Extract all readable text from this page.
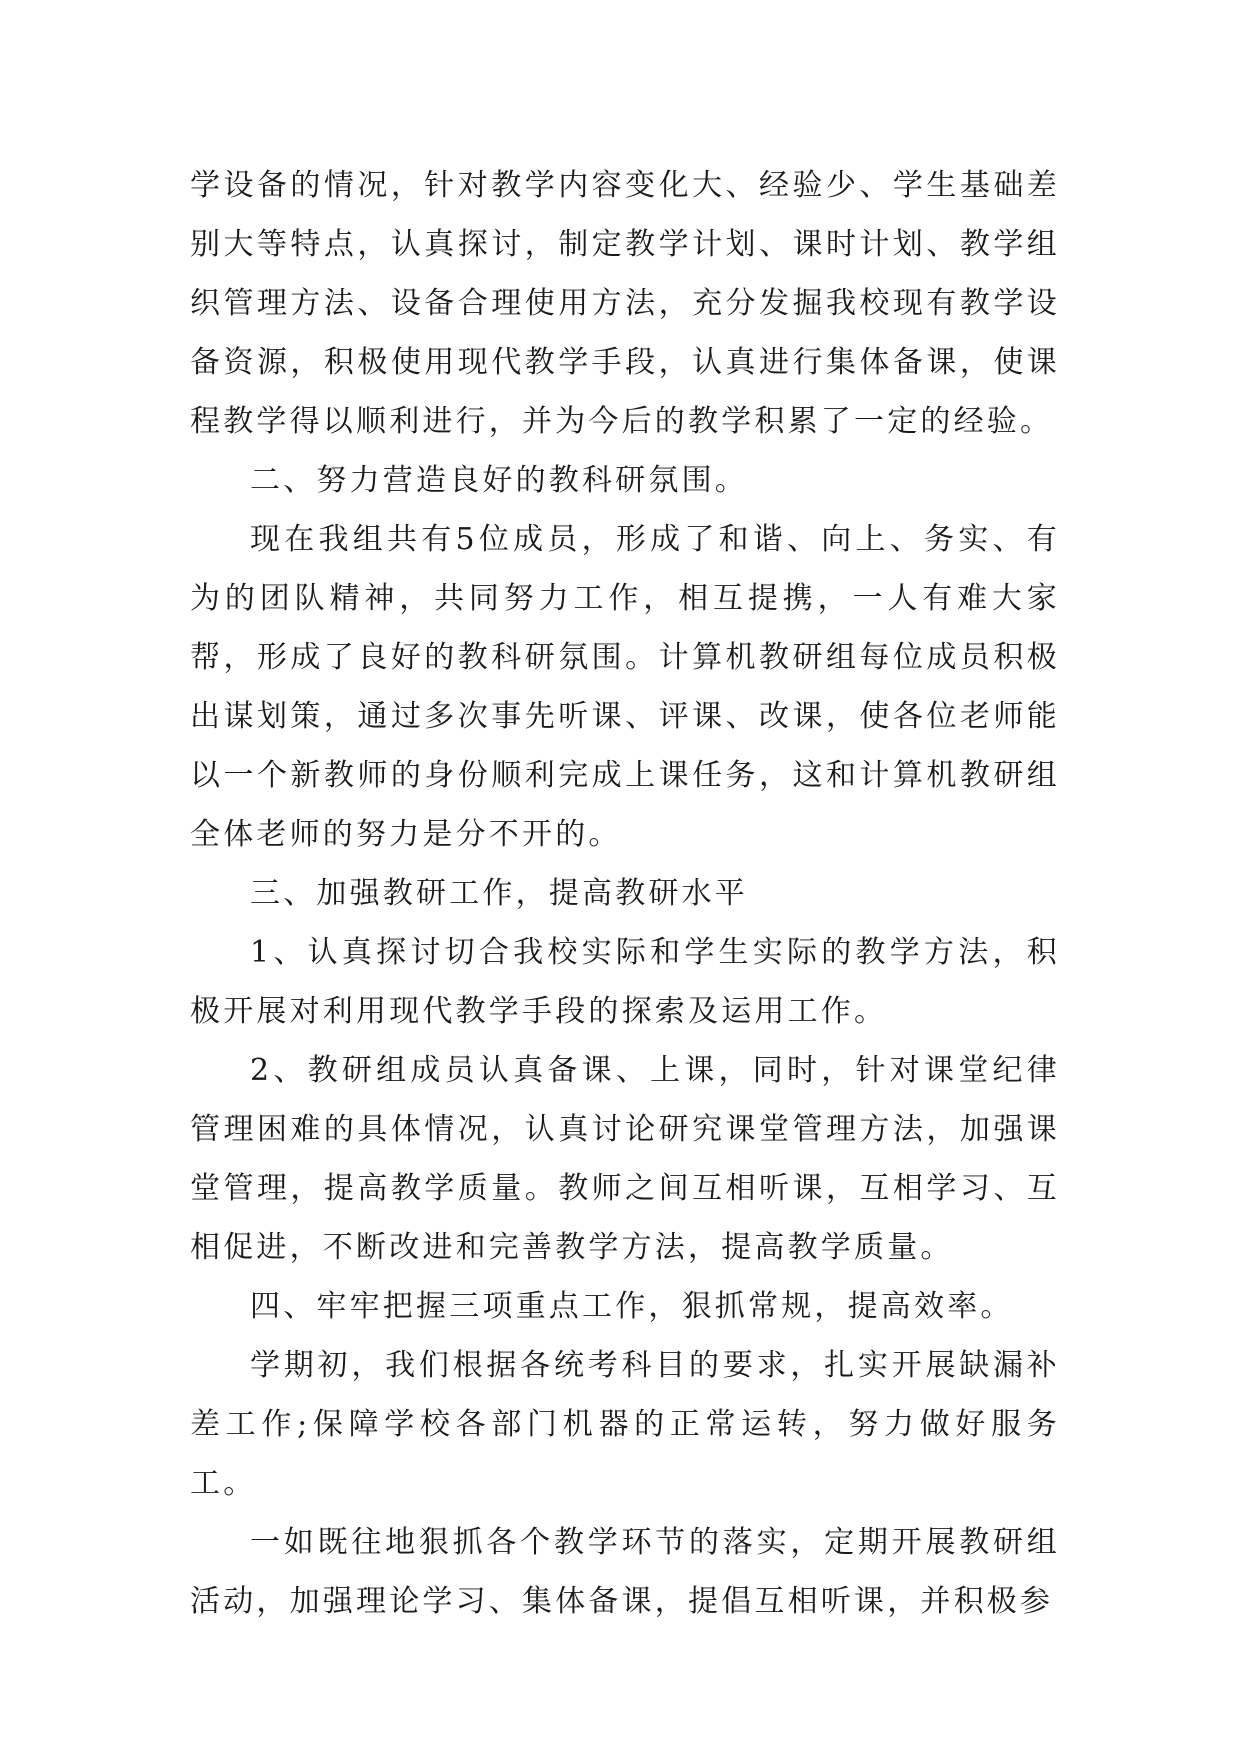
学设备的情况，针对教学内容变化大、经验少、学生基础差别大等特点，认真探讨，制定教学计划、课时计划、教学组织管理方法、设备合理使用方法，充分发掘我校现有教学设备资源，积极使用现代教学手段，认真进行集体备课，使课程教学得以顺利进行，并为今后的教学积累了一定的经验。

二、努力营造良好的教科研氛围。

现在我组共有5位成员，形成了和谐、向上、务实、有为的团队精神，共同努力工作，相互提携，一人有难大家帮，形成了良好的教科研氛围。计算机教研组每位成员积极出谋划策，通过多次事先听课、评课、改课，使各位老师能以一个新教师的身份顺利完成上课任务，这和计算机教研组全体老师的努力是分不开的。

三、加强教研工作，提高教研水平

1、认真探讨切合我校实际和学生实际的教学方法，积极开展对利用现代教学手段的探索及运用工作。

2、教研组成员认真备课、上课，同时，针对课堂纪律管理困难的具体情况，认真讨论研究课堂管理方法，加强课堂管理，提高教学质量。教师之间互相听课，互相学习、互相促进，不断改进和完善教学方法，提高教学质量。

四、牢牢把握三项重点工作，狠抓常规，提高效率。

学期初，我们根据各统考科目的要求，扎实开展缺漏补差工作;保障学校各部门机器的正常运转，努力做好服务工。

一如既往地狠抓各个教学环节的落实，定期开展教研组活动，加强理论学习、集体备课，提倡互相听课，并积极参
